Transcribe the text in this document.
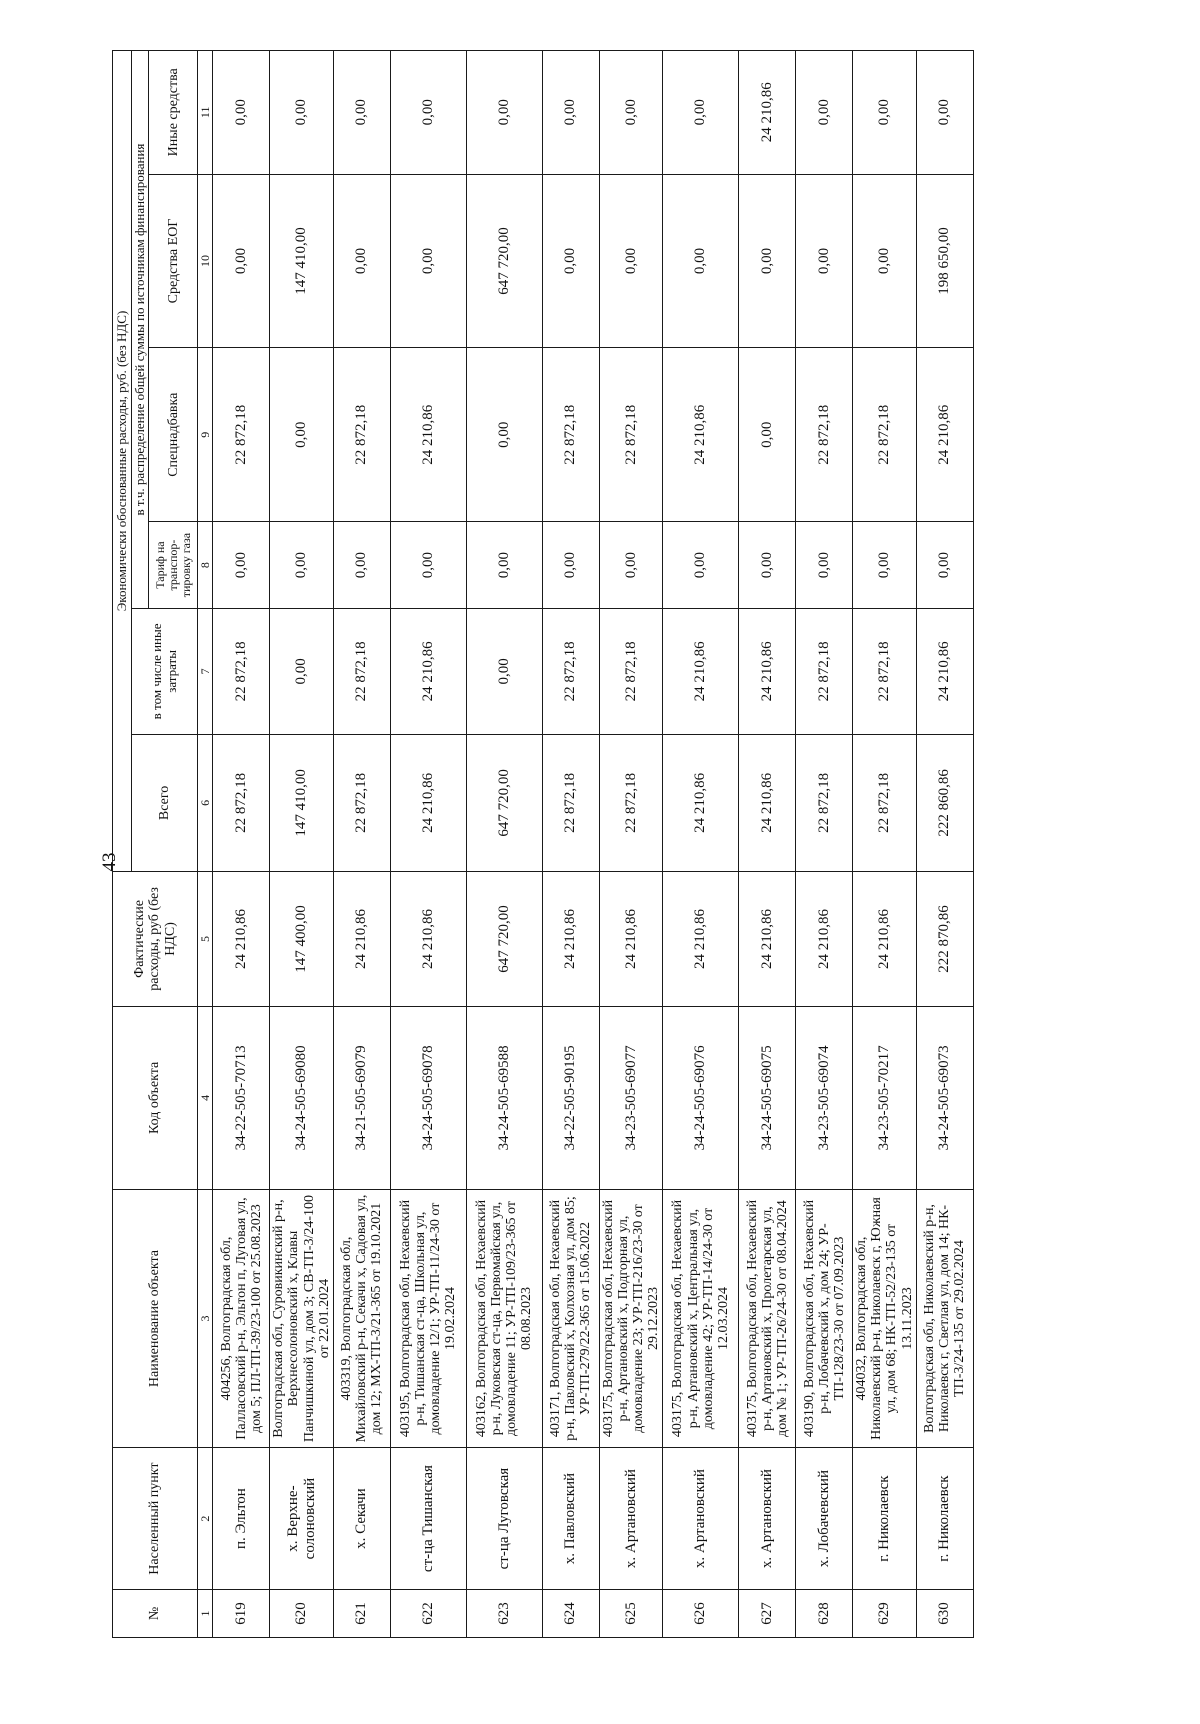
43
№	Населенный пункт	Наименование объекта	Код объекта	Фактические расходы, руб (без НДС)	Экономически обоснованные расходы, руб. (без НДС)					
					Всего	в том числе иные затраты	в т.ч. распределение общей суммы по источникам финансирования			
							Тариф на транспор-тировку газа	Спецнадбавка	Средства ЕОГ	Иные средства
1	2	3	4	5	6	7	8	9	10	11
619	п. Эльтон	404256, Волгоградская обл, Палласовский р-н, Эльтон п, Луговая ул, дом 5; ПЛ-ТП-39/23-100 от 25.08.2023	34-22-505-70713	24 210,86	22 872,18	22 872,18	0,00	22 872,18	0,00	0,00
620	х. Верхне-солоновский	Волгоградская обл, Суровикинский р-н, Верхнесолоновский х, Клавы Панчишкиной ул, дом 3; СВ-ТП-3/24-100 от 22.01.2024	34-24-505-69080	147 400,00	147 410,00	0,00	0,00	0,00	147 410,00	0,00
621	х. Секачи	403319, Волгоградская обл, Михайловский р-н, Секачи х, Садовая ул, дом 12; МХ-ТП-3/21-365 от 19.10.2021	34-21-505-69079	24 210,86	22 872,18	22 872,18	0,00	22 872,18	0,00	0,00
622	ст-ца Тишанская	403195, Волгоградская обл, Нехаевский р-н, Тишанская ст-ца, Школьная ул, домовладение 12/1; УР-ТП-11/24-30 от 19.02.2024	34-24-505-69078	24 210,86	24 210,86	24 210,86	0,00	24 210,86	0,00	0,00
623	ст-ца Луговская	403162, Волгоградская обл, Нехаевский р-н, Луковская ст-ца, Первомайская ул, домовладение 11; УР-ТП-109/23-365 от 08.08.2023	34-24-505-69588	647 720,00	647 720,00	0,00	0,00	0,00	647 720,00	0,00
624	х. Павловский	403171, Волгоградская обл, Нехаевский р-н, Павловский х, Колхозная ул, дом 85; УР-ТП-279/22-365 от 15.06.2022	34-22-505-90195	24 210,86	22 872,18	22 872,18	0,00	22 872,18	0,00	0,00
625	х. Артановский	403175, Волгоградская обл, Нехаевский р-н, Артановский х, Подгорная ул, домовладение 23; УР-ТП-216/23-30 от 29.12.2023	34-23-505-69077	24 210,86	22 872,18	22 872,18	0,00	22 872,18	0,00	0,00
626	х. Артановский	403175, Волгоградская обл, Нехаевский р-н, Артановский х, Центральная ул, домовладение 42; УР-ТП-14/24-30 от 12.03.2024	34-24-505-69076	24 210,86	24 210,86	24 210,86	0,00	24 210,86	0,00	0,00
627	х. Артановский	403175, Волгоградская обл, Нехаевский р-н, Артановский х, Пролетарская ул, дом № 1; УР-ТП-26/24-30 от 08.04.2024	34-24-505-69075	24 210,86	24 210,86	24 210,86	0,00	0,00	0,00	24 210,86
628	х. Лобачевский	403190, Волгоградская обл, Нехаевский р-н, Лобачевский х, дом 24; УР-ТП-128/23-30 от 07.09.2023	34-23-505-69074	24 210,86	22 872,18	22 872,18	0,00	22 872,18	0,00	0,00
629	г. Николаевск	404032, Волгоградская обл, Николаевский р-н, Николаевск г, Южная ул, дом 68; НК-ТП-52/23-135 от 13.11.2023	34-23-505-70217	24 210,86	22 872,18	22 872,18	0,00	22 872,18	0,00	0,00
630	г. Николаевск	Волгоградская обл, Николаевский р-н, Николаевск г, Светлая ул, дом 14; НК-ТП-3/24-135 от 29.02.2024	34-24-505-69073	222 870,86	222 860,86	24 210,86	0,00	24 210,86	198 650,00	0,00
